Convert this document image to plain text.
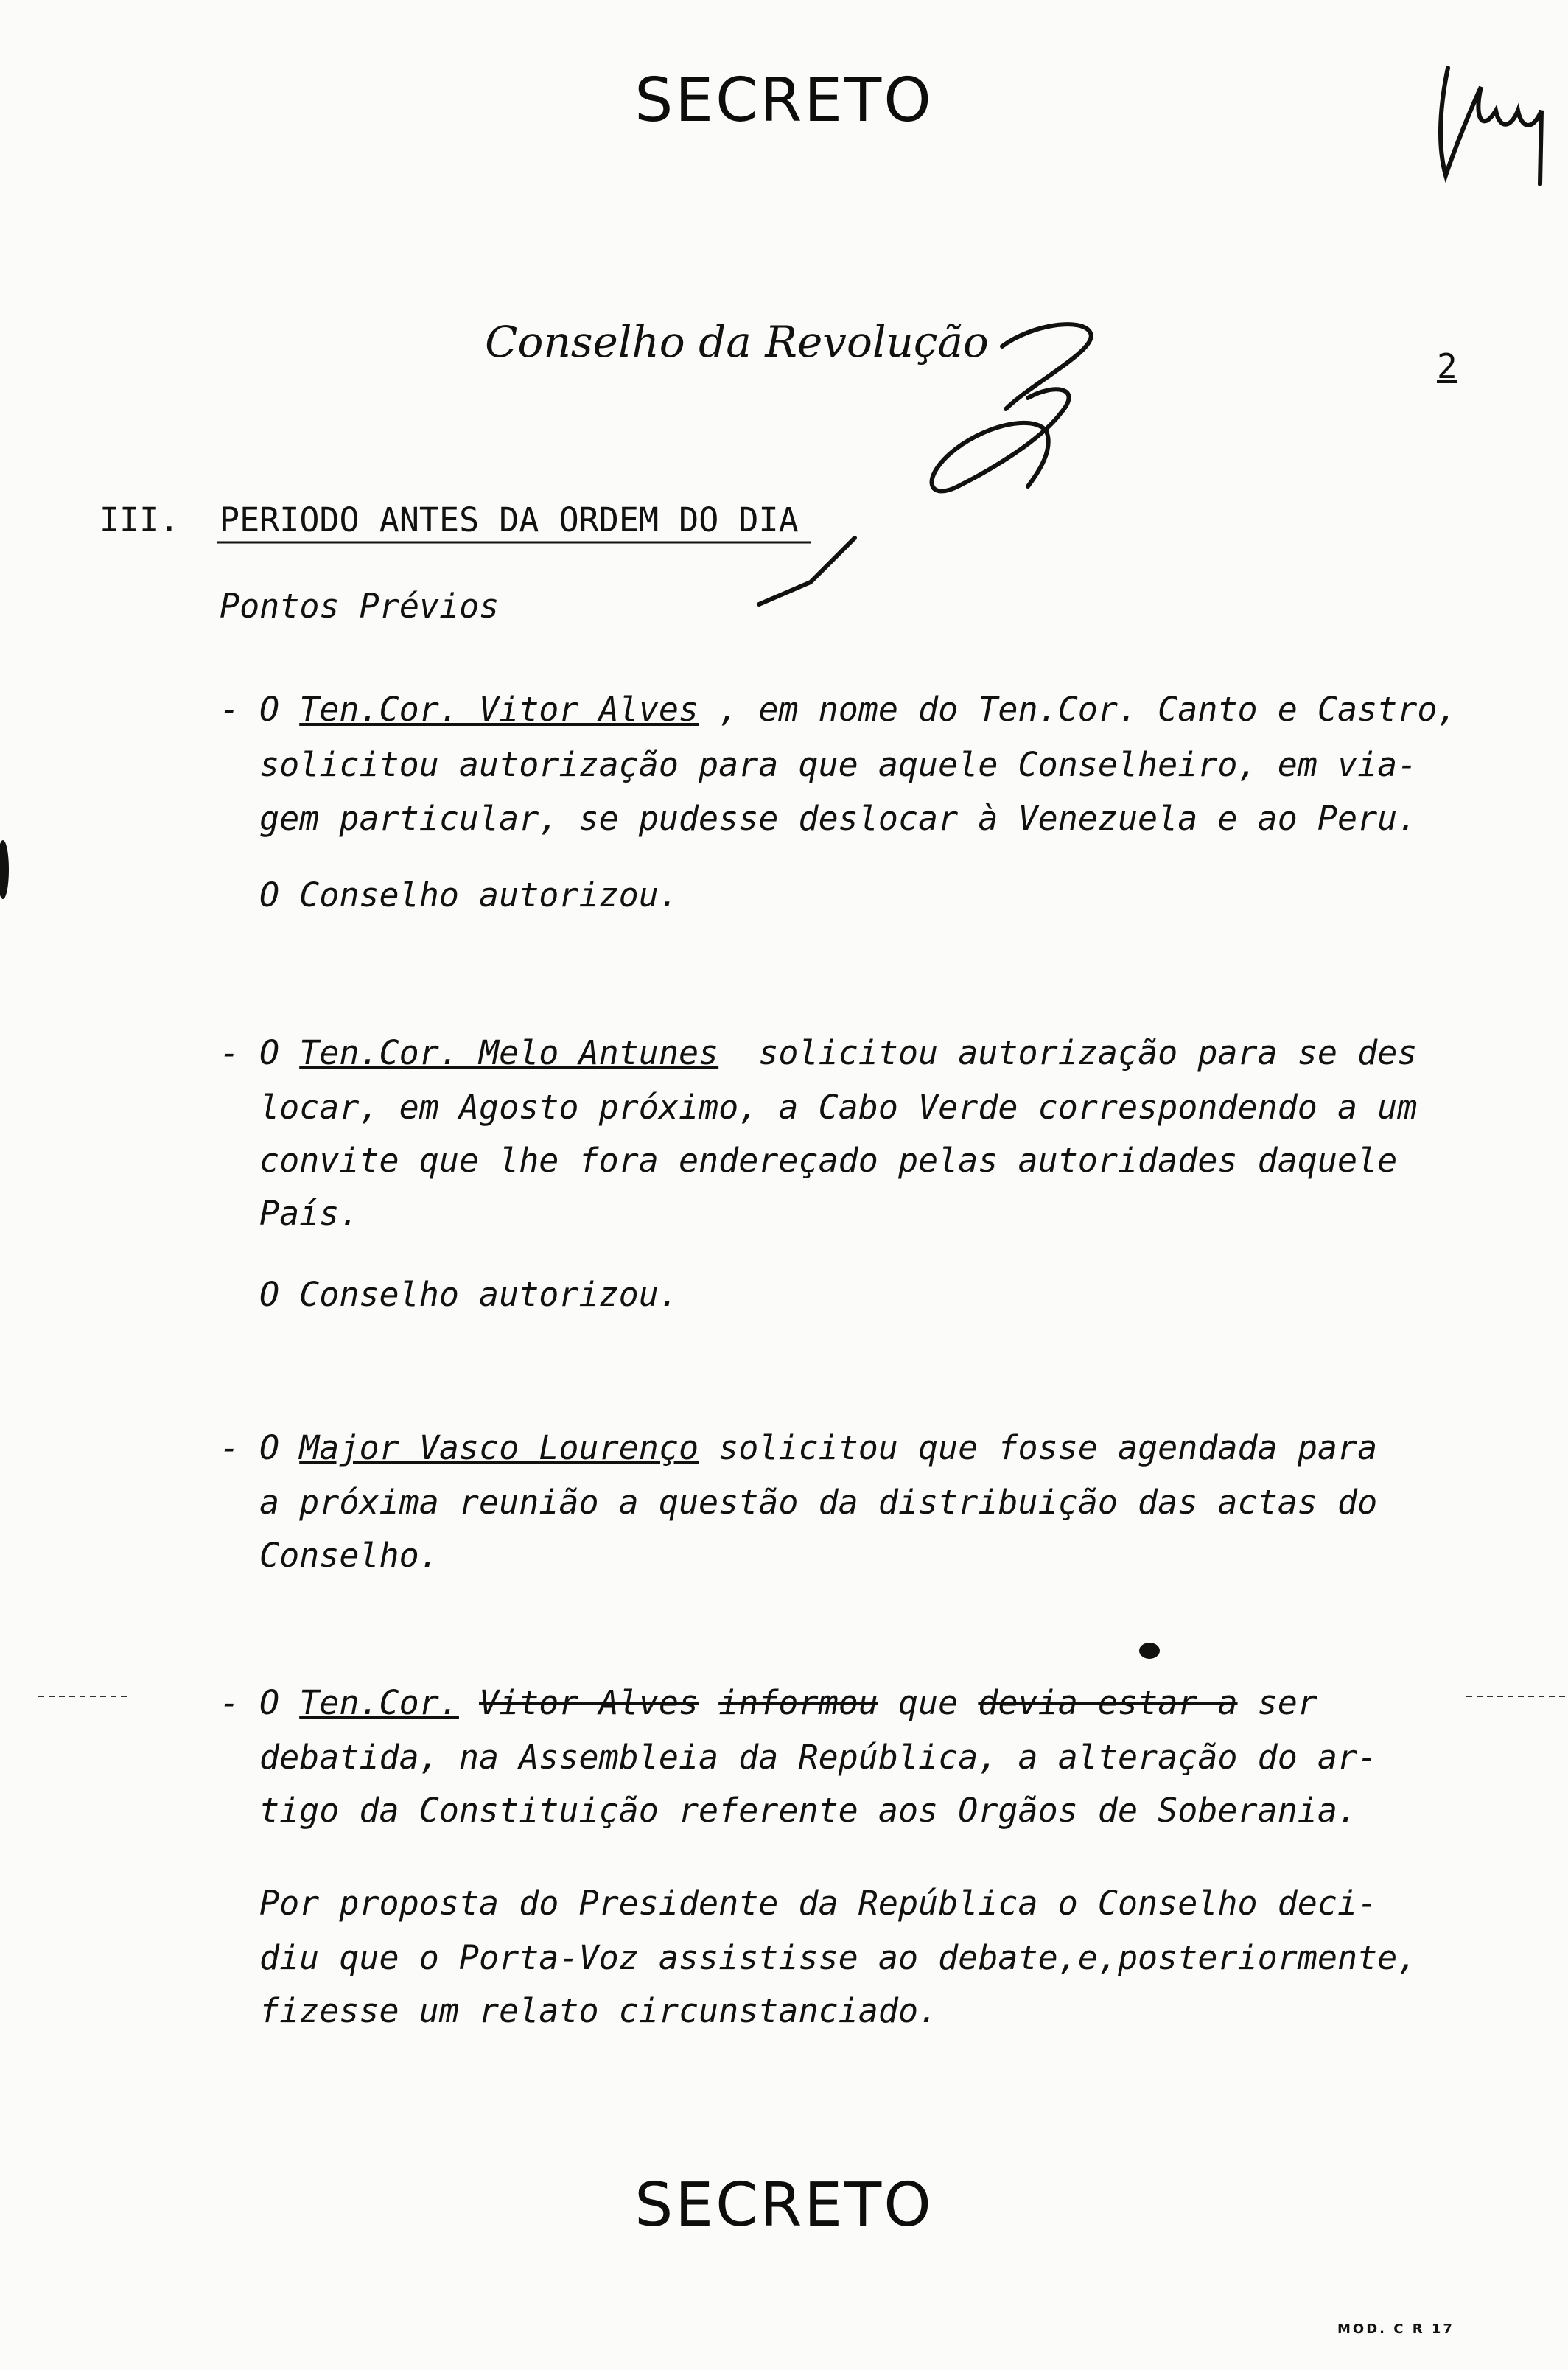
SECRETO
Conselho da Revolução	2
III. PERIODO ANTES DA ORDEM DO DIA
Pontos Prévios
- O Ten.Cor. Vitor Alves , em nome do Ten.Cor. Canto e Castro,
solicitou autorização para que aquele Conselheiro, em via-
gem particular, se pudesse deslocar à Venezuela e ao Peru.
O Conselho autorizou.
- O Ten.Cor. Melo Antunes solicitou autorização para se des
locar, em Agosto próximo, a Cabo Verde correspondendo a um
convite que lhe fora endereçado pelas autoridades daquele
País.
O Conselho autorizou.
- O Major Vasco Lourenço solicitou que fosse agendada para
a próxima reunião a questão da distribuição das actas do
Conselho.
- O Ten.Cor. Vitor Alves informou que devia estar a ser
debatida, na Assembleia da República, a alteração do ar-
tigo da Constituição referente aos Orgãos de Soberania.
Por proposta do Presidente da República o Conselho deci-
diu que o Porta-Voz assistisse ao debate,e,posteriormente,
fizesse um relato circunstanciado.
SECRETO
MOD. C R 17
